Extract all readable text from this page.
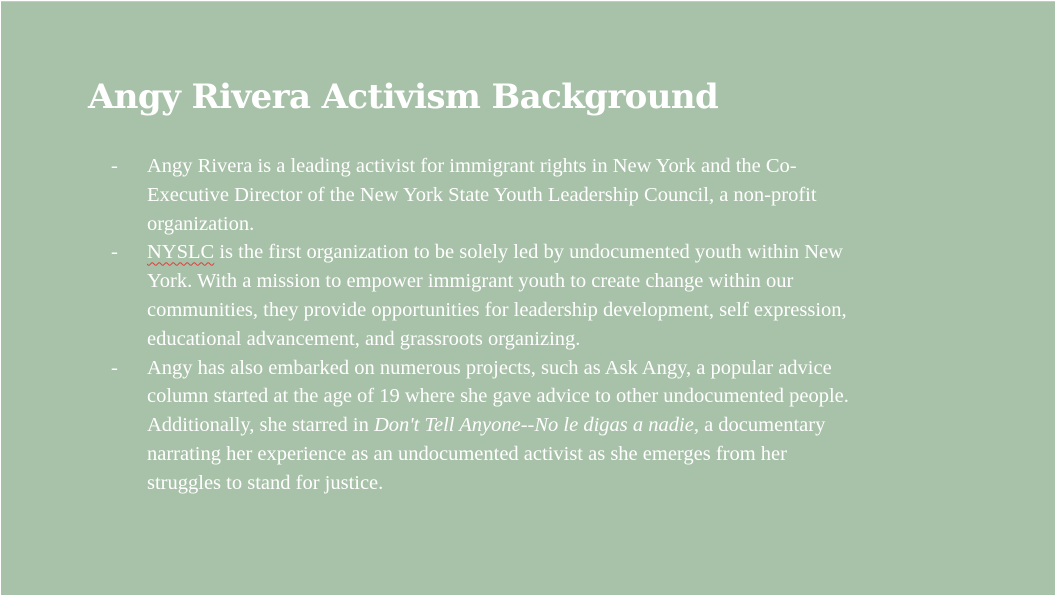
Angy Rivera Activism Background
- Angy Rivera is a leading activist for immigrant rights in New York and the Co-Executive Director of the New York State Youth Leadership Council, a non-profit organization.
- NYSLC is the first organization to be solely led by undocumented youth within New York. With a mission to empower immigrant youth to create change within our communities, they provide opportunities for leadership development, self expression, educational advancement, and grassroots organizing.
- Angy has also embarked on numerous projects, such as Ask Angy, a popular advice column started at the age of 19 where she gave advice to other undocumented people. Additionally, she starred in Don't Tell Anyone--No le digas a nadie, a documentary narrating her experience as an undocumented activist as she emerges from her struggles to stand for justice.
